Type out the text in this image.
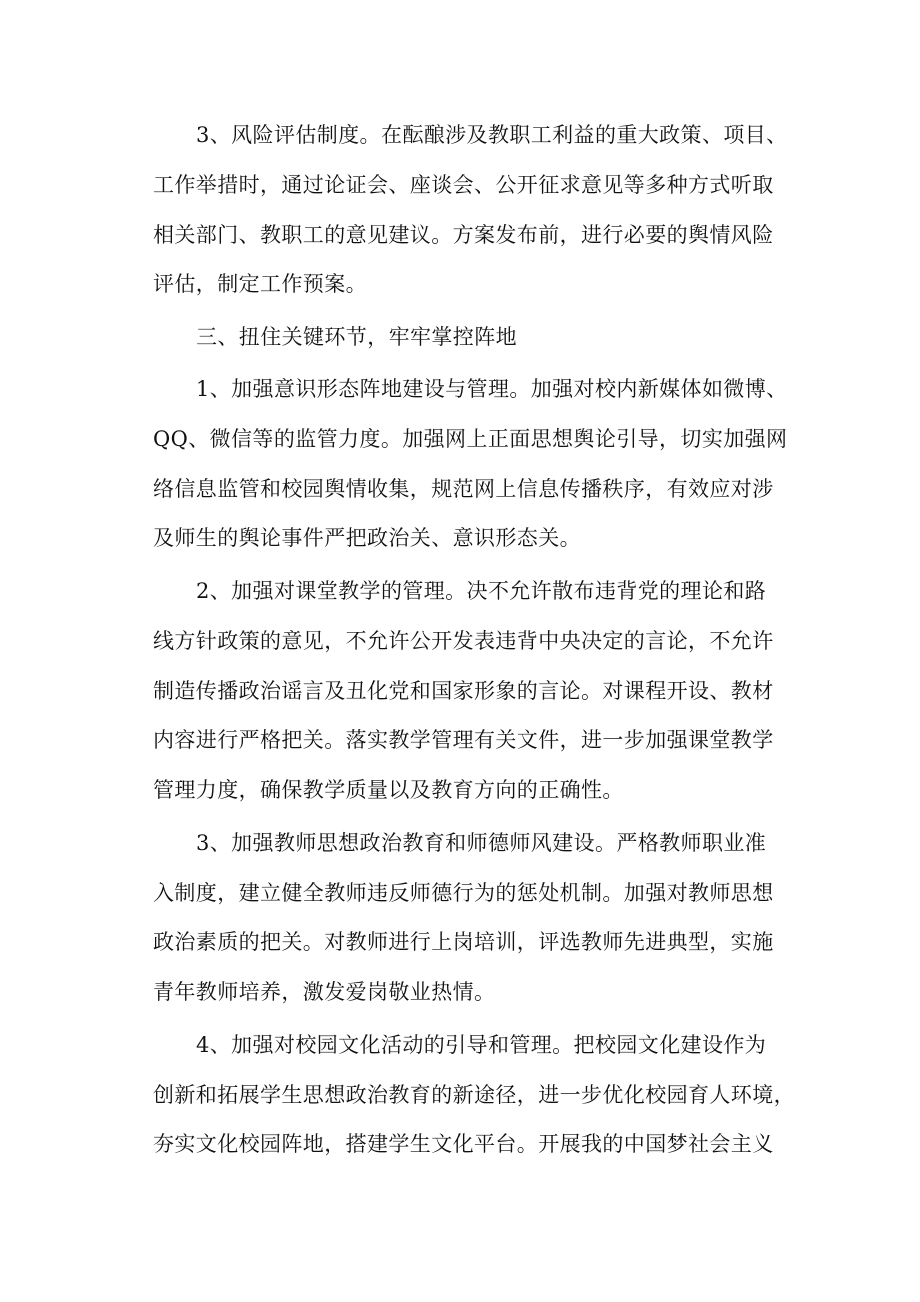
3、风险评估制度。在酝酿涉及教职工利益的重大政策、项目、

工作举措时，通过论证会、座谈会、公开征求意见等多种方式听取

相关部门、教职工的意见建议。方案发布前，进行必要的舆情风险

评估，制定工作预案。

三、扭住关键环节，牢牢掌控阵地

1、加强意识形态阵地建设与管理。加强对校内新媒体如微博、

QQ、微信等的监管力度。加强网上正面思想舆论引导，切实加强网

络信息监管和校园舆情收集，规范网上信息传播秩序，有效应对涉

及师生的舆论事件严把政治关、意识形态关。

2、加强对课堂教学的管理。决不允许散布违背党的理论和路

线方针政策的意见，不允许公开发表违背中央决定的言论，不允许

制造传播政治谣言及丑化党和国家形象的言论。对课程开设、教材

内容进行严格把关。落实教学管理有关文件，进一步加强课堂教学

管理力度，确保教学质量以及教育方向的正确性。

3、加强教师思想政治教育和师德师风建设。严格教师职业准

入制度，建立健全教师违反师德行为的惩处机制。加强对教师思想

政治素质的把关。对教师进行上岗培训，评选教师先进典型，实施

青年教师培养，激发爱岗敬业热情。

4、加强对校园文化活动的引导和管理。把校园文化建设作为

创新和拓展学生思想政治教育的新途径，进一步优化校园育人环境，

夯实文化校园阵地，搭建学生文化平台。开展我的中国梦社会主义
